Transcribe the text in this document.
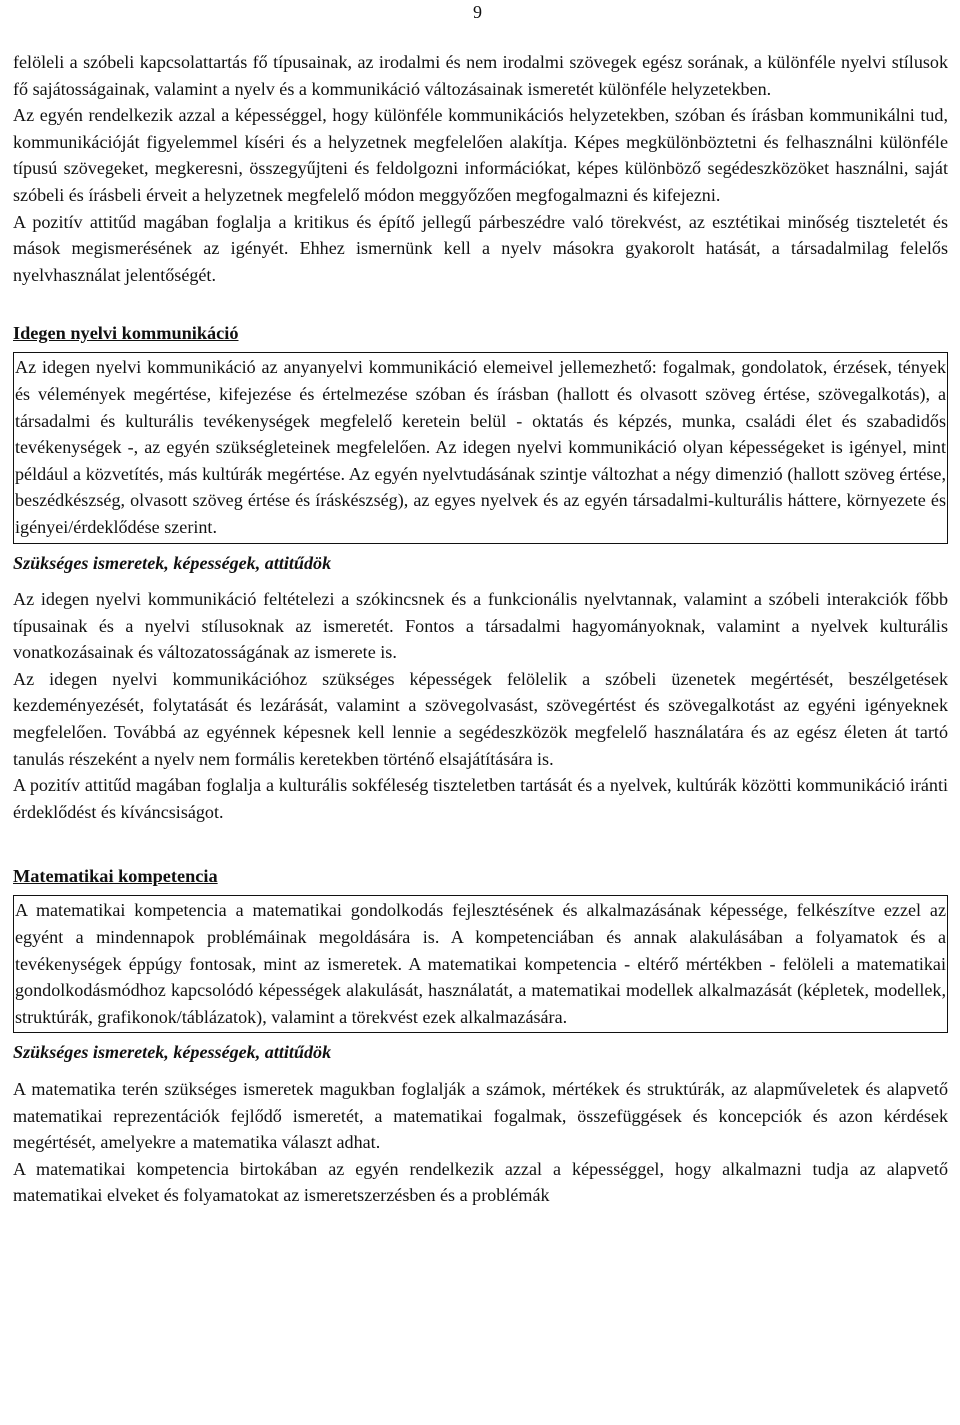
9

felöleli a szóbeli kapcsolattartás fő típusainak, az irodalmi és nem irodalmi szövegek egész sorának, a különféle nyelvi stílusok fő sajátosságainak, valamint a nyelv és a kommunikáció változásainak ismeretét különféle helyzetekben.

Az egyén rendelkezik azzal a képességgel, hogy különféle kommunikációs helyzetekben, szóban és írásban kommunikálni tud, kommunikációját figyelemmel kíséri és a helyzetnek megfelelően alakítja. Képes megkülönböztetni és felhasználni különféle típusú szövegeket, megkeresni, összegyűjteni és feldolgozni információkat, képes különböző segédeszközöket használni, saját szóbeli és írásbeli érveit a helyzetnek megfelelő módon meggyőzően megfogalmazni és kifejezni.

A pozitív attitűd magában foglalja a kritikus és építő jellegű párbeszédre való törekvést, az esztétikai minőség tiszteletét és mások megismerésének az igényét. Ehhez ismernünk kell a nyelv másokra gyakorolt hatását, a társadalmilag felelős nyelvhasználat jelentőségét.

Idegen nyelvi kommunikáció

Az idegen nyelvi kommunikáció az anyanyelvi kommunikáció elemeivel jellemezhető: fogalmak, gondolatok, érzések, tények és vélemények megértése, kifejezése és értelmezése szóban és írásban (hallott és olvasott szöveg értése, szövegalkotás), a társadalmi és kulturális tevékenységek megfelelő keretein belül - oktatás és képzés, munka, családi élet és szabadidős tevékenységek -, az egyén szükségleteinek megfelelően. Az idegen nyelvi kommunikáció olyan képességeket is igényel, mint például a közvetítés, más kultúrák megértése. Az egyén nyelvtudásának szintje változhat a négy dimenzió (hallott szöveg értése, beszédkészség, olvasott szöveg értése és íráskészség), az egyes nyelvek és az egyén társadalmi-kulturális háttere, környezete és igényei/érdeklődése szerint.

Szükséges ismeretek, képességek, attitűdök

Az idegen nyelvi kommunikáció feltételezi a szókincsnek és a funkcionális nyelvtannak, valamint a szóbeli interakciók főbb típusainak és a nyelvi stílusoknak az ismeretét. Fontos a társadalmi hagyományoknak, valamint a nyelvek kulturális vonatkozásainak és változatosságának az ismerete is.

Az idegen nyelvi kommunikációhoz szükséges képességek felölelik a szóbeli üzenetek megértését, beszélgetések kezdeményezését, folytatását és lezárását, valamint a szövegolvasást, szövegértést és szövegalkotást az egyéni igényeknek megfelelően. Továbbá az egyénnek képesnek kell lennie a segédeszközök megfelelő használatára és az egész életen át tartó tanulás részeként a nyelv nem formális keretekben történő elsajátítására is.

A pozitív attitűd magában foglalja a kulturális sokféleség tiszteletben tartását és a nyelvek, kultúrák közötti kommunikáció iránti érdeklődést és kíváncsiságot.

Matematikai kompetencia

A matematikai kompetencia a matematikai gondolkodás fejlesztésének és alkalmazásának képessége, felkészítve ezzel az egyént a mindennapok problémáinak megoldására is. A kompetenciában és annak alakulásában a folyamatok és a tevékenységek éppúgy fontosak, mint az ismeretek. A matematikai kompetencia - eltérő mértékben - felöleli a matematikai gondolkodásmódhoz kapcsolódó képességek alakulását, használatát, a matematikai modellek alkalmazását (képletek, modellek, struktúrák, grafikonok/táblázatok), valamint a törekvést ezek alkalmazására.

Szükséges ismeretek, képességek, attitűdök

A matematika terén szükséges ismeretek magukban foglalják a számok, mértékek és struktúrák, az alapműveletek és alapvető matematikai reprezentációk fejlődő ismeretét, a matematikai fogalmak, összefüggések és koncepciók és azon kérdések megértését, amelyekre a matematika választ adhat.

A matematikai kompetencia birtokában az egyén rendelkezik azzal a képességgel, hogy alkalmazni tudja az alapvető matematikai elveket és folyamatokat az ismeretszerzésben és a problémák
